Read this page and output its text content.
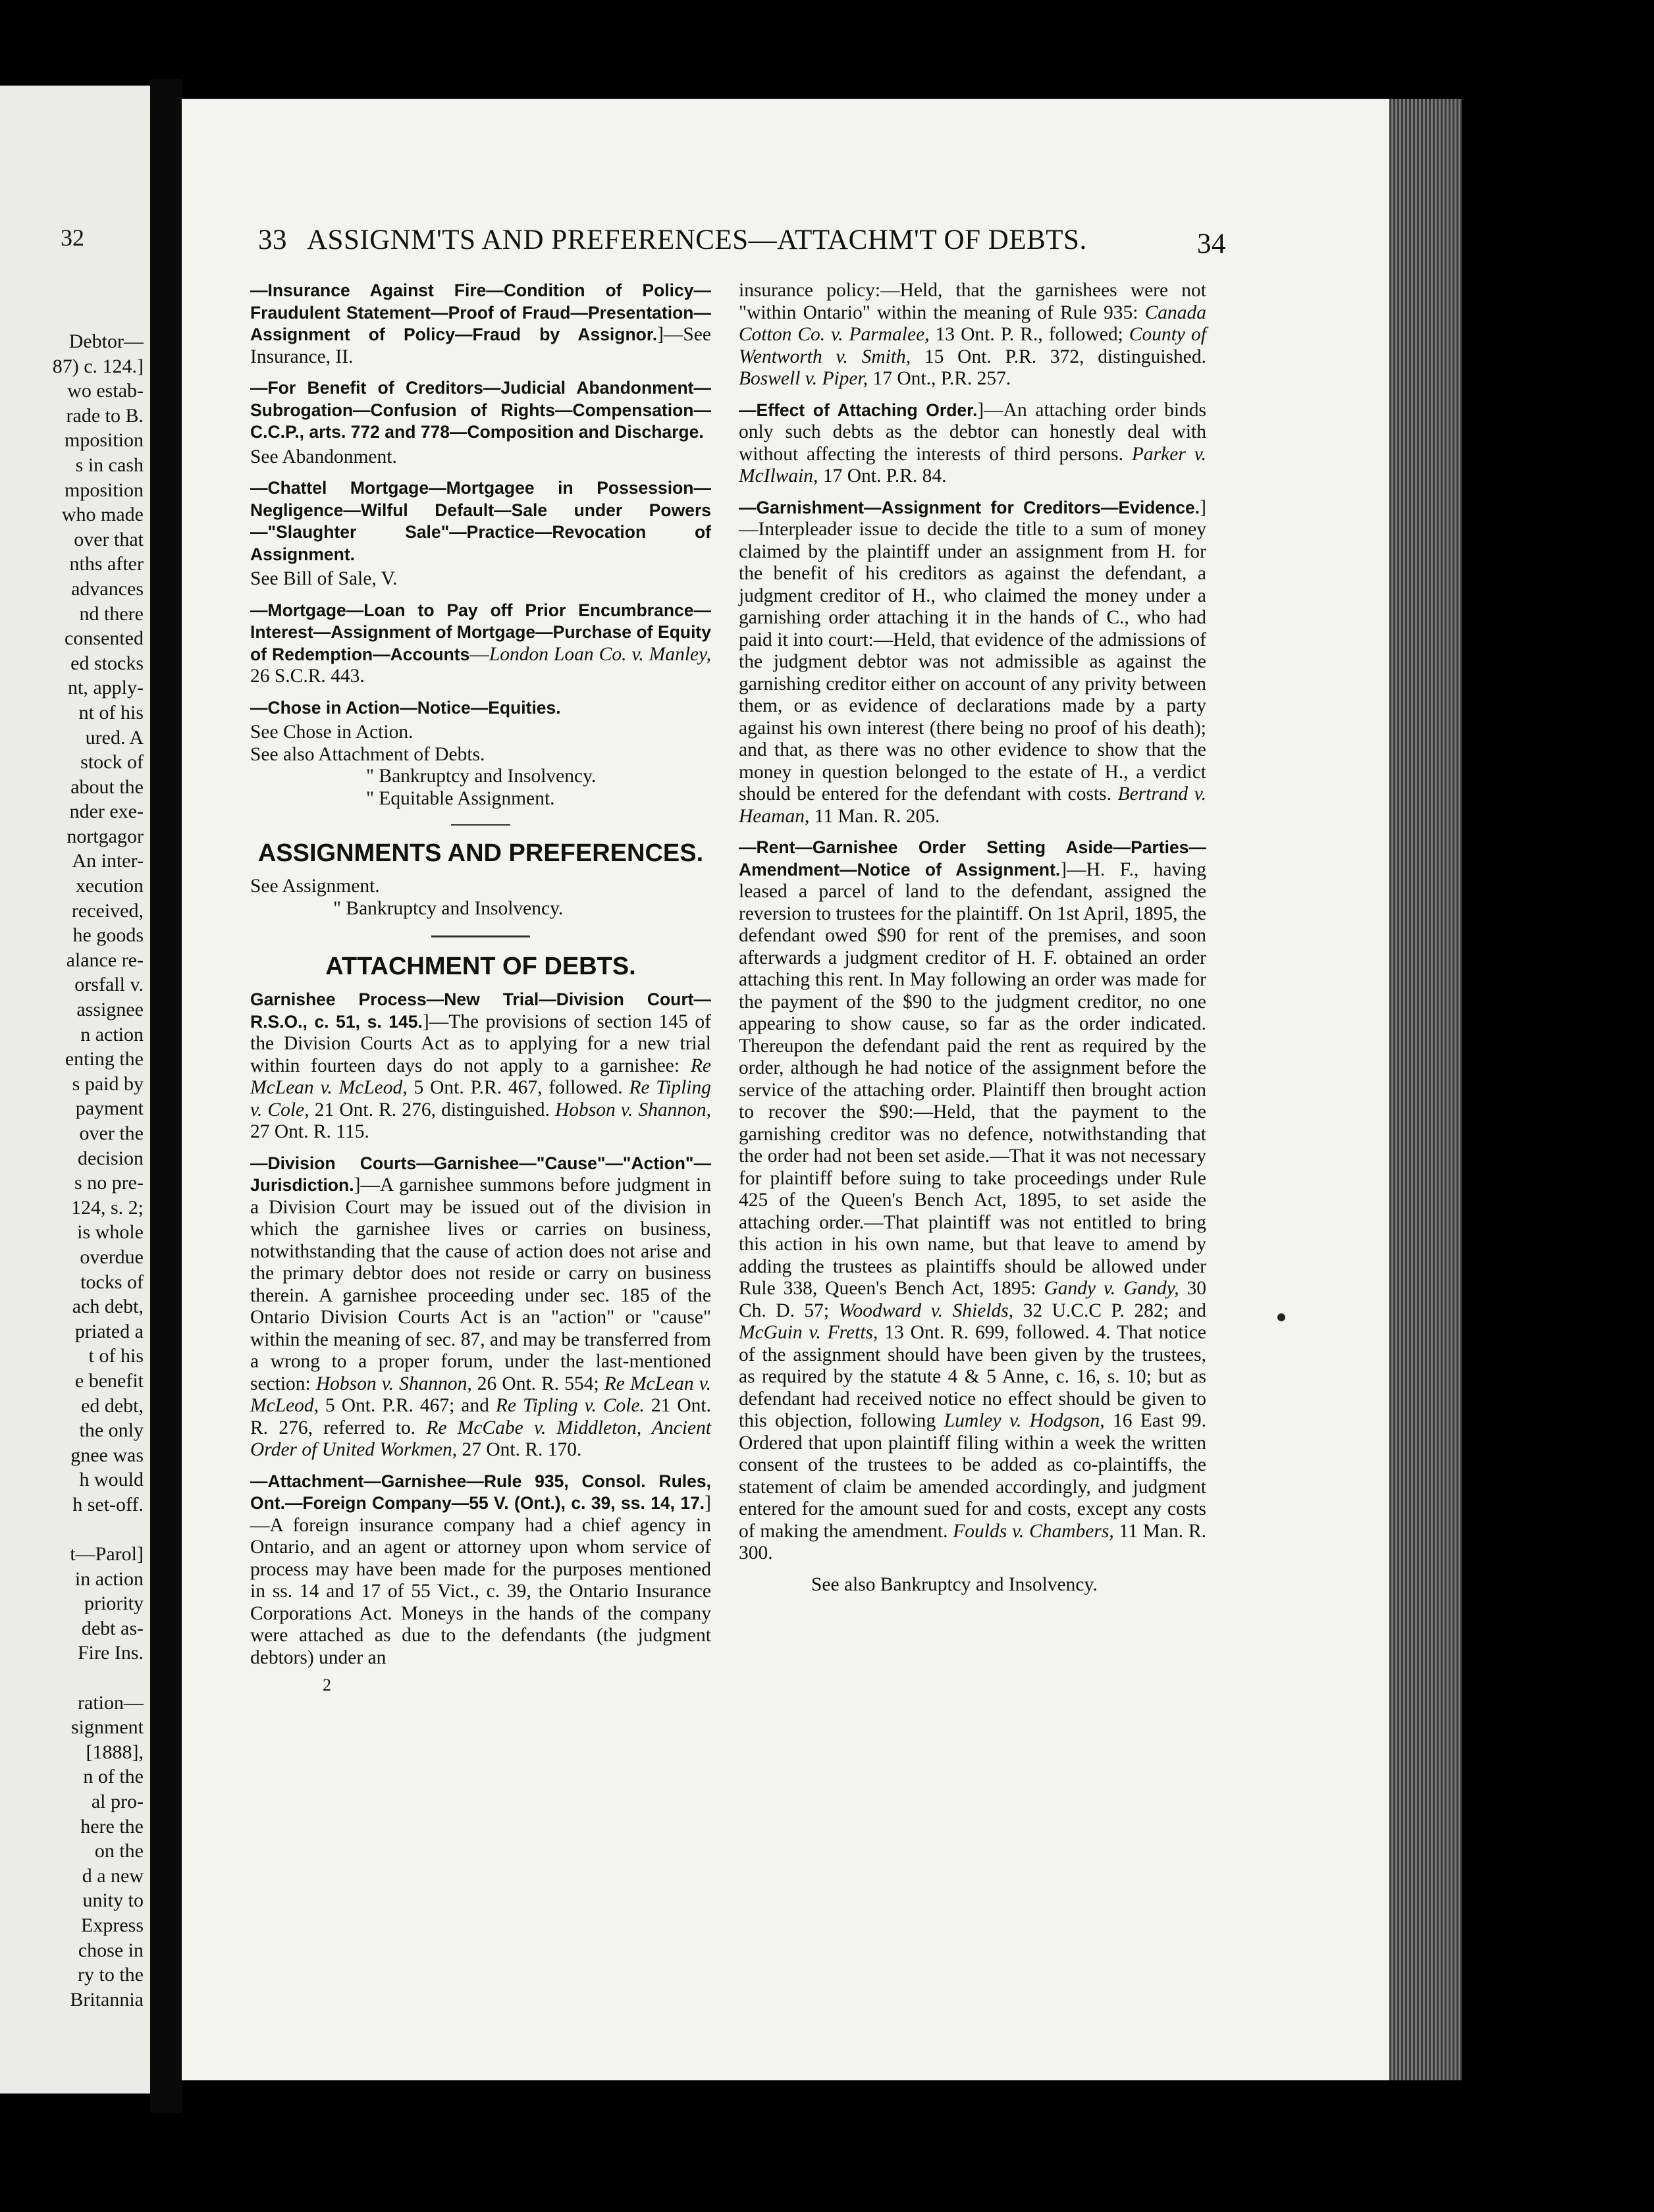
32
Debtor—
87) c. 124.]
wo estab-
rade to B.
mposition
s in cash
mposition
who made
over that
nths after
advances
nd there
consented
ed stocks
nt, apply-
nt of his
ured. A
stock of
about the
nder exe-
nortgagor
An inter-
xecution
received,
he goods
alance re-
orsfall v.
assignee
n action
enting the
s paid by
payment
over the
decision
s no pre-
124, s. 2;
is whole
overdue
tocks of
ach debt,
priated a
t of his
e benefit
ed debt,
the only
gnee was
h would
h set-off.

t—Parol]
in action
priority
debt as-
Fire Ins.

ration—
signment
[1888],
n of the
al pro-
here the
on the
d a new
unity to
Express
chose in
ry to the
Britannia
33 ASSIGNM'TS AND PREFERENCES—ATTACHM'T OF DEBTS.	34

—Insurance Against Fire—Condition of Policy—Fraudulent Statement—Proof of Fraud—Presentation—Assignment of Policy—Fraud by Assignor.]—See Insurance, II.

—For Benefit of Creditors—Judicial Abandonment—Subrogation—Confusion of Rights—Compensation—C.C.P., arts. 772 and 778—Composition and Discharge.

See Abandonment.

—Chattel Mortgage—Mortgagee in Possession—Negligence—Wilful Default—Sale under Powers—"Slaughter Sale"—Practice—Revocation of Assignment.

See Bill of Sale, V.

—Mortgage—Loan to Pay off Prior Encumbrance—Interest—Assignment of Mortgage—Purchase of Equity of Redemption—Accounts—London Loan Co. v. Manley, 26 S.C.R. 443.

—Chose in Action—Notice—Equities.

See Chose in Action.

See also Attachment of Debts.

" Bankruptcy and Insolvency.

" Equitable Assignment.

ASSIGNMENTS AND PREFERENCES.

See Assignment.

" Bankruptcy and Insolvency.

ATTACHMENT OF DEBTS.

Garnishee Process—New Trial—Division Court—R.S.O., c. 51, s. 145.]—The provisions of section 145 of the Division Courts Act as to applying for a new trial within fourteen days do not apply to a garnishee: Re McLean v. McLeod, 5 Ont. P.R. 467, followed. Re Tipling v. Cole, 21 Ont. R. 276, distinguished. Hobson v. Shannon, 27 Ont. R. 115.

—Division Courts—Garnishee—"Cause"—"Action"—Jurisdiction.]—A garnishee summons before judgment in a Division Court may be issued out of the division in which the garnishee lives or carries on business, notwithstanding that the cause of action does not arise and the primary debtor does not reside or carry on business therein. A garnishee proceeding under sec. 185 of the Ontario Division Courts Act is an "action" or "cause" within the meaning of sec. 87, and may be transferred from a wrong to a proper forum, under the last-mentioned section: Hobson v. Shannon, 26 Ont. R. 554; Re McLean v. McLeod, 5 Ont. P.R. 467; and Re Tipling v. Cole. 21 Ont. R. 276, referred to. Re McCabe v. Middleton, Ancient Order of United Workmen, 27 Ont. R. 170.

—Attachment—Garnishee—Rule 935, Consol. Rules, Ont.—Foreign Company—55 V. (Ont.), c. 39, ss. 14, 17.]—A foreign insurance company had a chief agency in Ontario, and an agent or attorney upon whom service of process may have been made for the purposes mentioned in ss. 14 and 17 of 55 Vict., c. 39, the Ontario Insurance Corporations Act. Moneys in the hands of the company were attached as due to the defendants (the judgment debtors) under an

2

insurance policy:—Held, that the garnishees were not "within Ontario" within the meaning of Rule 935: Canada Cotton Co. v. Parmalee, 13 Ont. P. R., followed; County of Wentworth v. Smith, 15 Ont. P.R. 372, distinguished. Boswell v. Piper, 17 Ont., P.R. 257.

—Effect of Attaching Order.]—An attaching order binds only such debts as the debtor can honestly deal with without affecting the interests of third persons. Parker v. McIlwain, 17 Ont. P.R. 84.

—Garnishment—Assignment for Creditors—Evidence.]—Interpleader issue to decide the title to a sum of money claimed by the plaintiff under an assignment from H. for the benefit of his creditors as against the defendant, a judgment creditor of H., who claimed the money under a garnishing order attaching it in the hands of C., who had paid it into court:—Held, that evidence of the admissions of the judgment debtor was not admissible as against the garnishing creditor either on account of any privity between them, or as evidence of declarations made by a party against his own interest (there being no proof of his death); and that, as there was no other evidence to show that the money in question belonged to the estate of H., a verdict should be entered for the defendant with costs. Bertrand v. Heaman, 11 Man. R. 205.

—Rent—Garnishee Order Setting Aside—Parties—Amendment—Notice of Assignment.]—H. F., having leased a parcel of land to the defendant, assigned the reversion to trustees for the plaintiff. On 1st April, 1895, the defendant owed $90 for rent of the premises, and soon afterwards a judgment creditor of H. F. obtained an order attaching this rent. In May following an order was made for the payment of the $90 to the judgment creditor, no one appearing to show cause, so far as the order indicated. Thereupon the defendant paid the rent as required by the order, although he had notice of the assignment before the service of the attaching order. Plaintiff then brought action to recover the $90:—Held, that the payment to the garnishing creditor was no defence, notwithstanding that the order had not been set aside.—That it was not necessary for plaintiff before suing to take proceedings under Rule 425 of the Queen's Bench Act, 1895, to set aside the attaching order.—That plaintiff was not entitled to bring this action in his own name, but that leave to amend by adding the trustees as plaintiffs should be allowed under Rule 338, Queen's Bench Act, 1895: Gandy v. Gandy, 30 Ch. D. 57; Woodward v. Shields, 32 U.C.C P. 282; and McGuin v. Fretts, 13 Ont. R. 699, followed. 4. That notice of the assignment should have been given by the trustees, as required by the statute 4 & 5 Anne, c. 16, s. 10; but as defendant had received notice no effect should be given to this objection, following Lumley v. Hodgson, 16 East 99. Ordered that upon plaintiff filing within a week the written consent of the trustees to be added as co-plaintiffs, the statement of claim be amended accordingly, and judgment entered for the amount sued for and costs, except any costs of making the amendment. Foulds v. Chambers, 11 Man. R. 300.

See also Bankruptcy and Insolvency.
